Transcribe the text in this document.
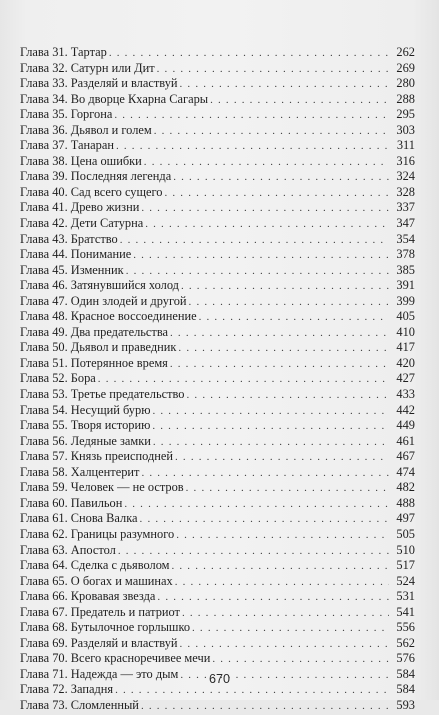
Глава 31. Тартар . . .	262
Глава 32. Сатурн или Дит . . .	269
Глава 33. Разделяй и властвуй . . .	280
Глава 34. Во дворце Кхарна Сагары . . .	288
Глава 35. Горгона . . .	295
Глава 36. Дьявол и голем . . .	303
Глава 37. Танаран . . .	311
Глава 38. Цена ошибки . . .	316
Глава 39. Последняя легенда . . .	324
Глава 40. Сад всего сущего . . .	328
Глава 41. Древо жизни . . .	337
Глава 42. Дети Сатурна . . .	347
Глава 43. Братство . . .	354
Глава 44. Понимание . . .	378
Глава 45. Изменник . . .	385
Глава 46. Затянувшийся холод . . .	391
Глава 47. Один злодей и другой . . .	399
Глава 48. Красное воссоединение . . .	405
Глава 49. Два предательства . . .	410
Глава 50. Дьявол и праведник . . .	417
Глава 51. Потерянное время . . .	420
Глава 52. Бора . . .	427
Глава 53. Третье предательство . . .	433
Глава 54. Несущий бурю . . .	442
Глава 55. Творя историю . . .	449
Глава 56. Ледяные замки . . .	461
Глава 57. Князь преисподней . . .	467
Глава 58. Халцентерит . . .	474
Глава 59. Человек — не остров . . .	482
Глава 60. Павильон . . .	488
Глава 61. Снова Валка . . .	497
Глава 62. Границы разумного . . .	505
Глава 63. Апостол . . .	510
Глава 64. Сделка с дьяволом . . .	517
Глава 65. О богах и машинах . . .	524
Глава 66. Кровавая звезда . . .	531
Глава 67. Предатель и патриот . . .	541
Глава 68. Бутылочное горлышко . . .	556
Глава 69. Разделяй и властвуй . . .	562
Глава 70. Всего красноречивее мечи . . .	576
Глава 71. Надежда — это дым . . .	584
Глава 72. Западня . . .	584
Глава 73. Сломленный . . .	593
670
